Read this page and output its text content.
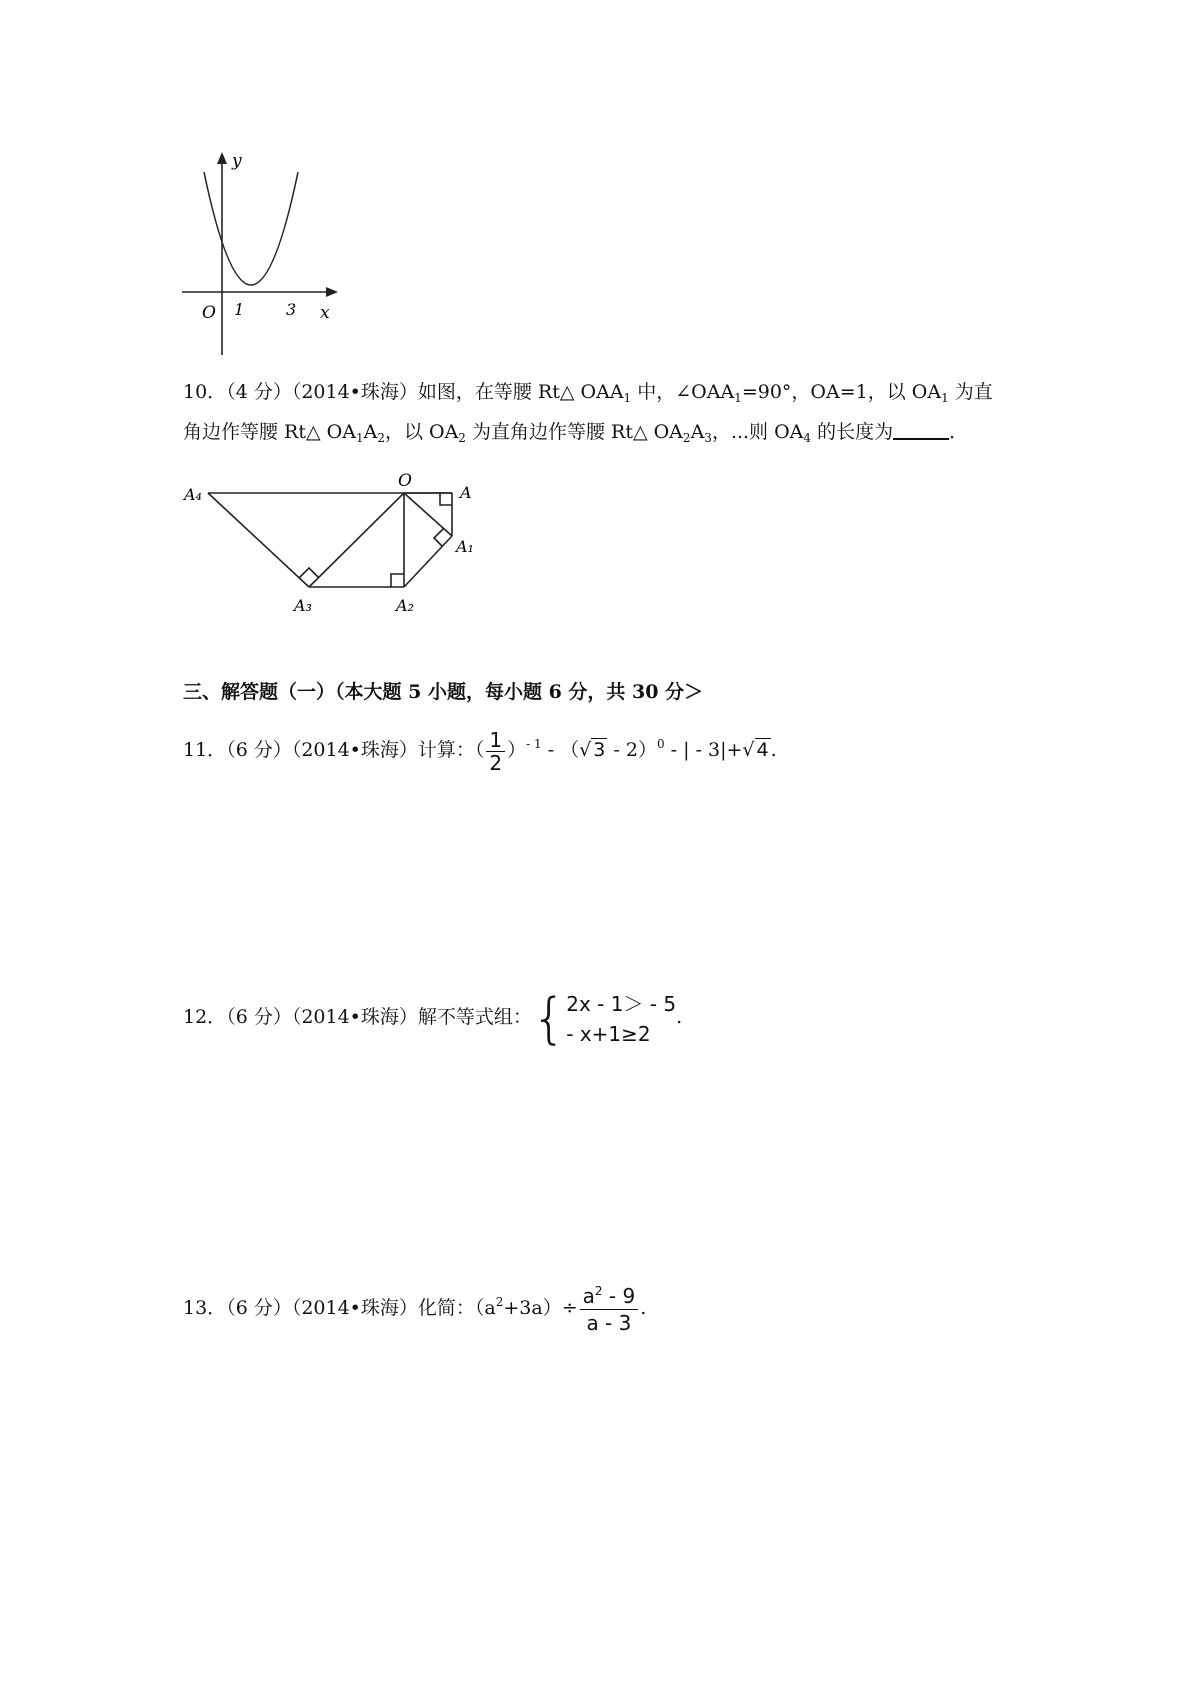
y
x
O 1	3
10．（4 分）（2014•珠海）如图，在等腰 Rt△ $OAA_1$ 中，$\angle OAA_1=90^\circ$，OA=1，以 $OA_1$ 为直
角边作等腰 Rt△ $OA_1A_2$，以 $OA_2$ 为直角边作等腰 Rt△ $OA_2A_3$，...则 $OA_4$ 的长度为	．
A₄
O
A
A₁
A₃	A₂
三、解答题（一）（本大题 5 小题，每小题 6 分，共 30 分＞
11．（6 分）（2014•珠海）计算：（ $\frac{1}{2} )^{- 1}$ - （√ 3 - 2）$^0$ - | - 3|+√ 4 .
12．（6 分）（2014•珠海）解不等式组：{ 2x - 1＞ - 5
- x+1≥2
.
13．（6 分）（2014•珠海）化简：$(a^2+3a)\div \frac{a^2 - 9}{a - 3}$ .
